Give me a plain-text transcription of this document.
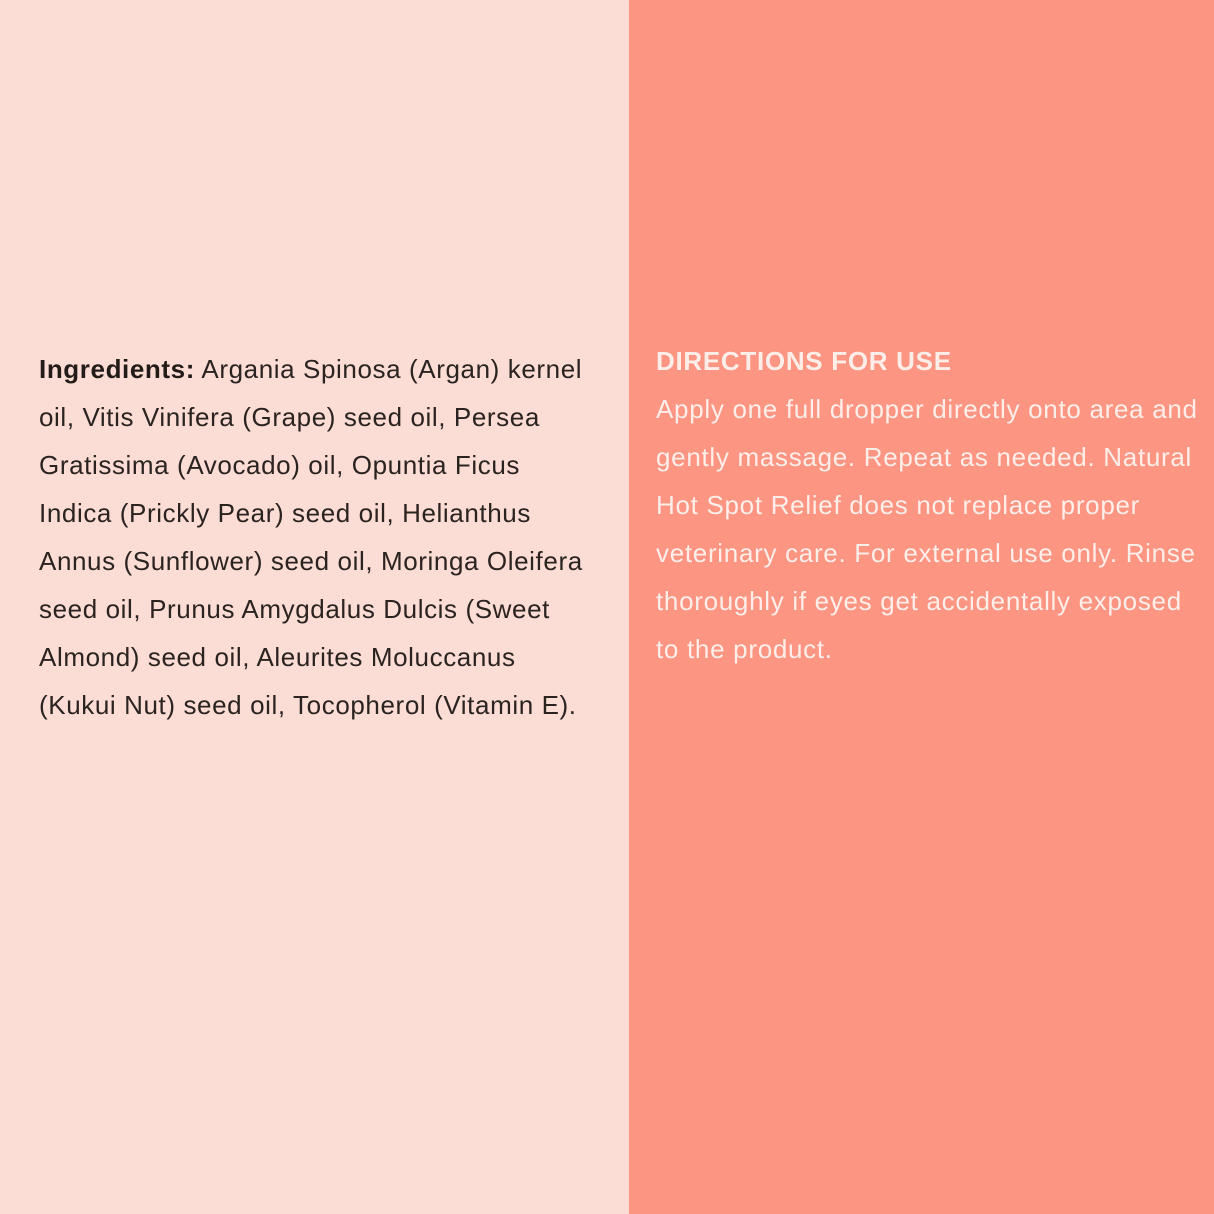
Ingredients: Argania Spinosa (Argan) kernel oil, Vitis Vinifera (Grape) seed oil, Persea Gratissima (Avocado) oil, Opuntia Ficus Indica (Prickly Pear) seed oil, Helianthus Annus (Sunflower) seed oil, Moringa Oleifera seed oil, Prunus Amygdalus Dulcis (Sweet Almond) seed oil, Aleurites Moluccanus (Kukui Nut) seed oil, Tocopherol (Vitamin E).

DIRECTIONS FOR USE

Apply one full dropper directly onto area and gently massage. Repeat as needed. Natural Hot Spot Relief does not replace proper veterinary care. For external use only. Rinse thoroughly if eyes get accidentally exposed to the product.
